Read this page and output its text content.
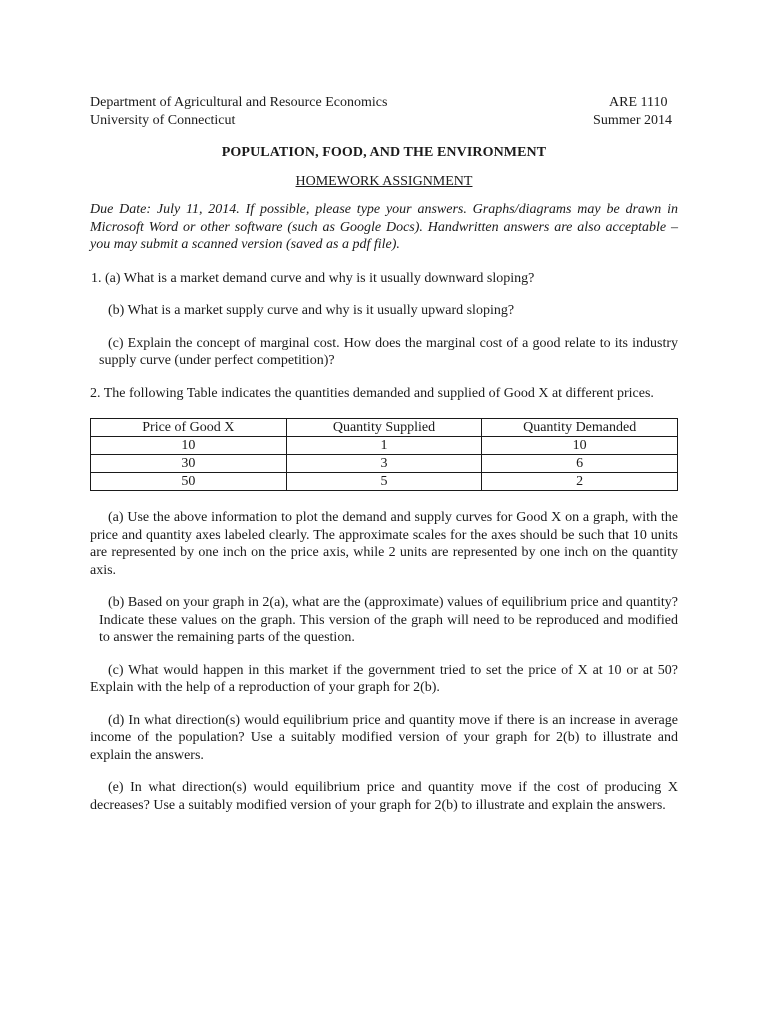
Department of Agricultural and Resource Economics
University of Connecticut
ARE 1110
Summer 2014
POPULATION, FOOD, AND THE ENVIRONMENT
HOMEWORK ASSIGNMENT
Due Date: July 11, 2014. If possible, please type your answers. Graphs/diagrams may be drawn in Microsoft Word or other software (such as Google Docs). Handwritten answers are also acceptable – you may submit a scanned version (saved as a pdf file).
1. (a) What is a market demand curve and why is it usually downward sloping?
(b) What is a market supply curve and why is it usually upward sloping?
(c) Explain the concept of marginal cost. How does the marginal cost of a good relate to its industry supply curve (under perfect competition)?
2. The following Table indicates the quantities demanded and supplied of Good X at different prices.
Price of Good X	Quantity Supplied	Quantity Demanded
10	1	10
30	3	6
50	5	2
(a) Use the above information to plot the demand and supply curves for Good X on a graph, with the price and quantity axes labeled clearly. The approximate scales for the axes should be such that 10 units are represented by one inch on the price axis, while 2 units are represented by one inch on the quantity axis.
(b) Based on your graph in 2(a), what are the (approximate) values of equilibrium price and quantity? Indicate these values on the graph. This version of the graph will need to be reproduced and modified to answer the remaining parts of the question.
(c) What would happen in this market if the government tried to set the price of X at 10 or at 50? Explain with the help of a reproduction of your graph for 2(b).
(d) In what direction(s) would equilibrium price and quantity move if there is an increase in average income of the population? Use a suitably modified version of your graph for 2(b) to illustrate and explain the answers.
(e) In what direction(s) would equilibrium price and quantity move if the cost of producing X decreases? Use a suitably modified version of your graph for 2(b) to illustrate and explain the answers.
